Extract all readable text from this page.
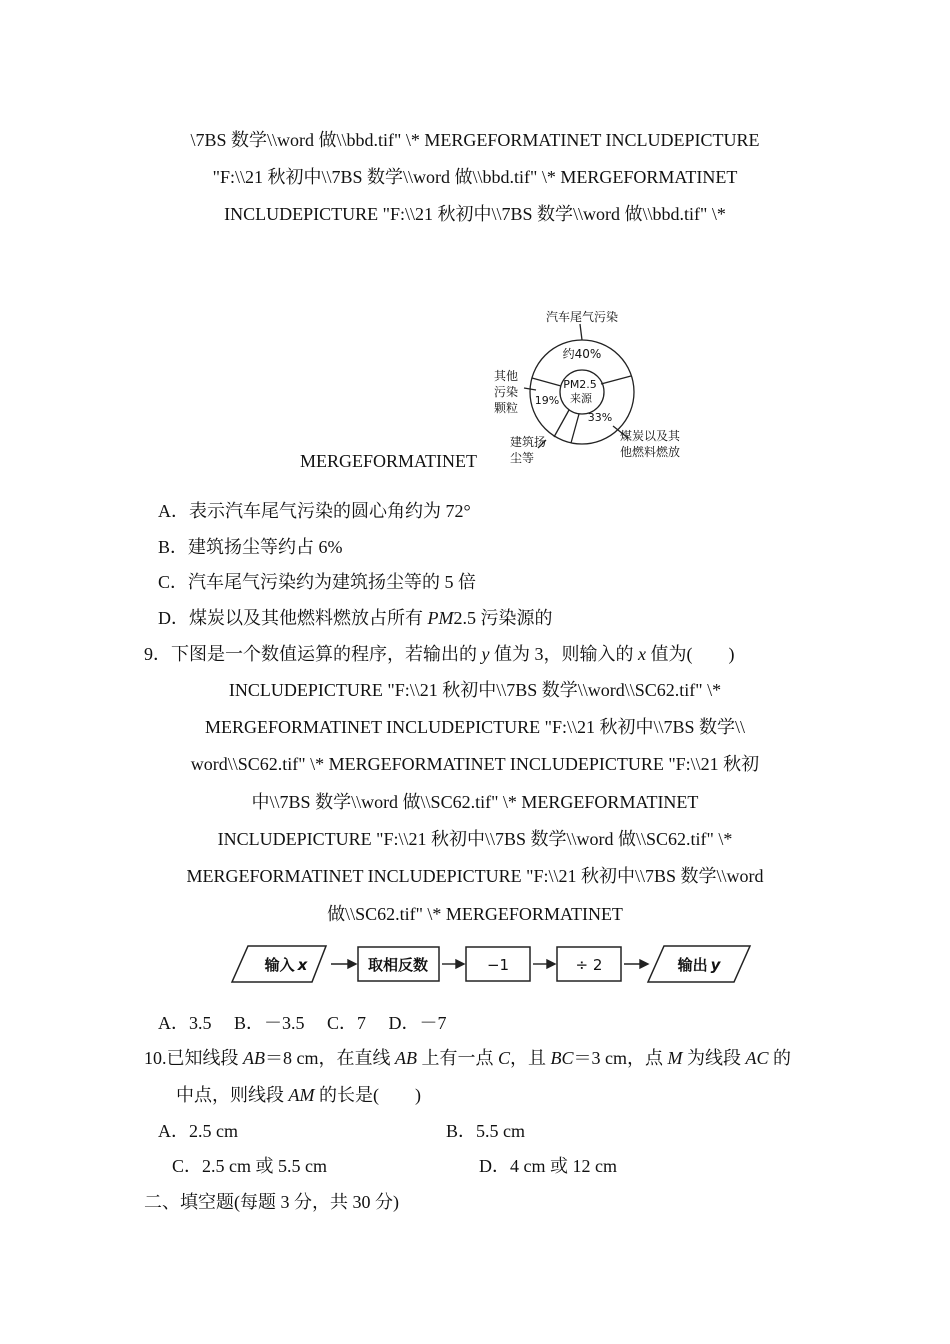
\7BS 数学\\word 做\\bbd.tif" \* MERGEFORMATINET INCLUDEPICTURE
"F:\\21 秋初中\\7BS 数学\\word 做\\bbd.tif" \* MERGEFORMATINET
INCLUDEPICTURE "F:\\21 秋初中\\7BS 数学\\word 做\\bbd.tif" \*
汽车尾气污染
约40%
PM2.5
来源
19%
33%
其他
污染
颗粒
建筑扬
尘等
煤炭以及其
他燃料燃放
MERGEFORMATINET
A．表示汽车尾气污染的圆心角约为 72°
B．建筑扬尘等约占 6%
C．汽车尾气污染约为建筑扬尘等的 5 倍
D．煤炭以及其他燃料燃放占所有 PM2.5 污染源的
9．下图是一个数值运算的程序，若输出的 y 值为 3，则输入的 x 值为(　　)
INCLUDEPICTURE "F:\\21 秋初中\\7BS 数学\\word\\SC62.tif" \*
MERGEFORMATINET INCLUDEPICTURE "F:\\21 秋初中\\7BS 数学\\
word\\SC62.tif" \* MERGEFORMATINET INCLUDEPICTURE "F:\\21 秋初
中\\7BS 数学\\word 做\\SC62.tif" \* MERGEFORMATINET
INCLUDEPICTURE "F:\\21 秋初中\\7BS 数学\\word 做\\SC62.tif" \*
MERGEFORMATINET INCLUDEPICTURE "F:\\21 秋初中\\7BS 数学\\word
做\\SC62.tif" \* MERGEFORMATINET
输入 x	取相反数	−1	÷ 2	输出 y
A．3.5　 B．－3.5　 C．7　 D．－7
10.已知线段 AB＝8 cm，在直线 AB 上有一点 C，且 BC＝3 cm，点 M 为线段 AC 的
中点，则线段 AM 的长是(　　)
A．2.5 cm	B．5.5 cm
C．2.5 cm 或 5.5 cm	D．4 cm 或 12 cm
二、填空题(每题 3 分，共 30 分)
